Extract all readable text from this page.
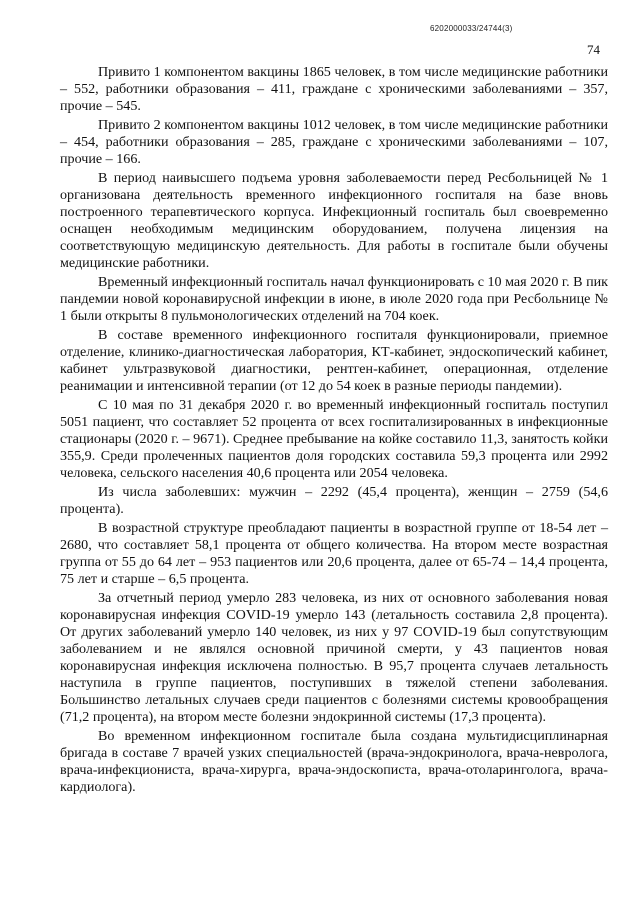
6202000033/24744(3)
74

Привито 1 компонентом вакцины 1865 человек, в том числе медицинские работники – 552, работники образования – 411, граждане с хроническими заболеваниями – 357, прочие – 545.

Привито 2 компонентом вакцины 1012 человек, в том числе медицинские работники – 454, работники образования – 285, граждане с хроническими заболеваниями – 107, прочие – 166.

В период наивысшего подъема уровня заболеваемости перед Ресбольницей № 1 организована деятельность временного инфекционного госпиталя на базе вновь построенного терапевтического корпуса. Инфекционный госпиталь был своевременно оснащен необходимым медицинским оборудованием, получена лицензия на соответствующую медицинскую деятельность. Для работы в госпитале были обучены медицинские работники.

Временный инфекционный госпиталь начал функционировать с 10 мая 2020 г. В пик пандемии новой коронавирусной инфекции в июне, в июле 2020 года при Ресбольнице № 1 были открыты 8 пульмонологических отделений на 704 коек.

В составе временного инфекционного госпиталя функционировали, приемное отделение, клинико-диагностическая лаборатория, КТ-кабинет, эндоскопический кабинет, кабинет ультразвуковой диагностики, рентген-кабинет, операционная, отделение реанимации и интенсивной терапии (от 12 до 54 коек в разные периоды пандемии).

С 10 мая по 31 декабря 2020 г. во временный инфекционный госпиталь поступил 5051 пациент, что составляет 52 процента от всех госпитализированных в инфекционные стационары (2020 г. – 9671). Среднее пребывание на койке составило 11,3, занятость койки 355,9. Среди пролеченных пациентов доля городских составила 59,3 процента или 2992 человека, сельского населения 40,6 процента или 2054 человека.

Из числа заболевших: мужчин – 2292 (45,4 процента), женщин – 2759 (54,6 процента).

В возрастной структуре преобладают пациенты в возрастной группе от 18-54 лет – 2680, что составляет 58,1 процента от общего количества. На втором месте возрастная группа от 55 до 64 лет – 953 пациентов или 20,6 процента, далее от 65-74 – 14,4 процента, 75 лет и старше – 6,5 процента.

За отчетный период умерло 283 человека, из них от основного заболевания новая коронавирусная инфекция COVID-19 умерло 143 (летальность составила 2,8 процента). От других заболеваний умерло 140 человек, из них у 97 COVID-19 был сопутствующим заболеванием и не являлся основной причиной смерти, у 43 пациентов новая коронавирусная инфекция исключена полностью. В 95,7 процента случаев летальность наступила в группе пациентов, поступивших в тяжелой степени заболевания. Большинство летальных случаев среди пациентов с болезнями системы кровообращения (71,2 процента), на втором месте болезни эндокринной системы (17,3 процента).

Во временном инфекционном госпитале была создана мультидисциплинарная бригада в составе 7 врачей узких специальностей (врача-эндокринолога, врача-невролога, врача-инфекциониста, врача-хирурга, врача-эндоскописта, врача-отоларинголога, врача-кардиолога).
